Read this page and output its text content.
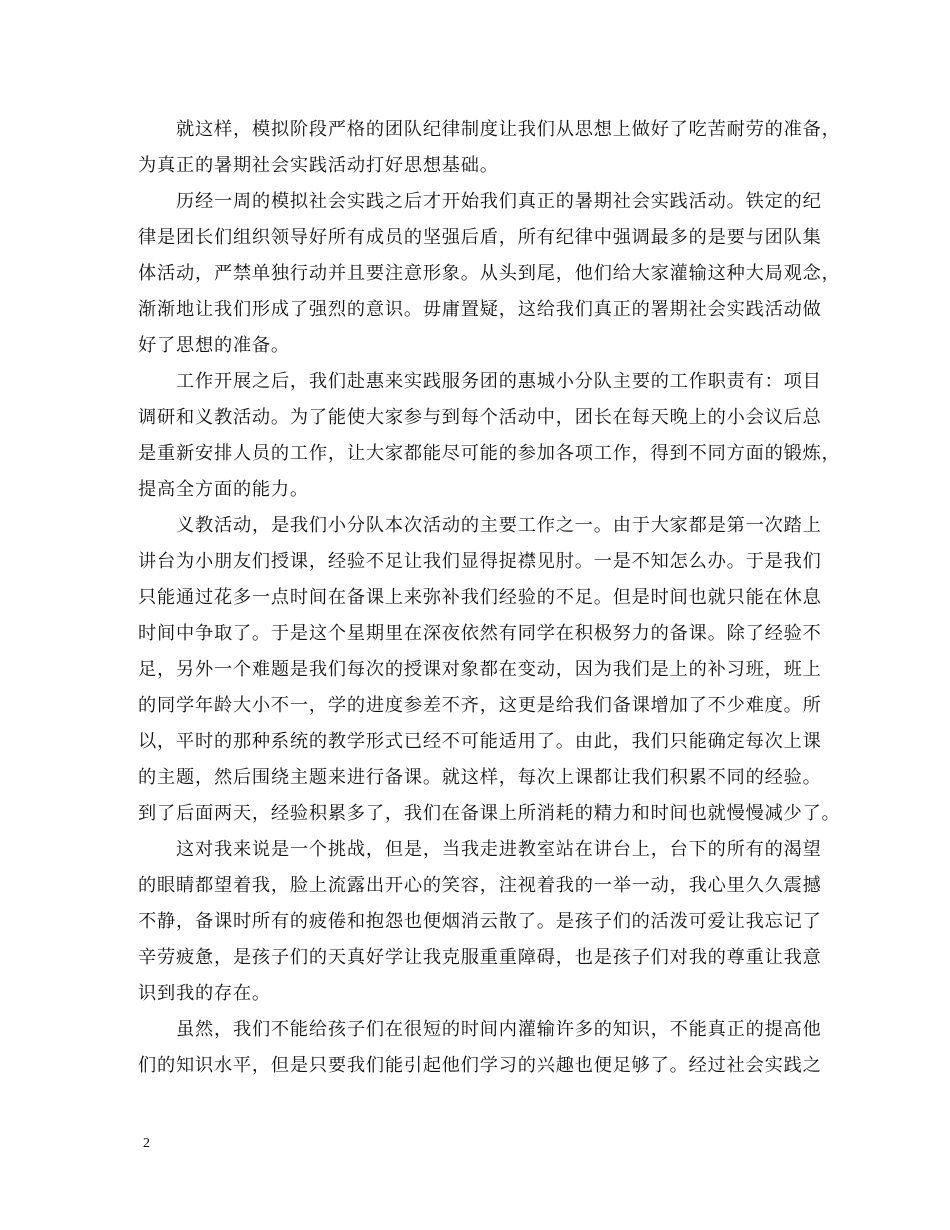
就这样，模拟阶段严格的团队纪律制度让我们从思想上做好了吃苦耐劳的准备，
为真正的暑期社会实践活动打好思想基础。

历经一周的模拟社会实践之后才开始我们真正的暑期社会实践活动。铁定的纪
律是团长们组织领导好所有成员的坚强后盾，所有纪律中强调最多的是要与团队集
体活动，严禁单独行动并且要注意形象。从头到尾，他们给大家灌输这种大局观念，
渐渐地让我们形成了强烈的意识。毋庸置疑，这给我们真正的署期社会实践活动做
好了思想的准备。

工作开展之后，我们赴惠来实践服务团的惠城小分队主要的工作职责有：项目
调研和义教活动。为了能使大家参与到每个活动中，团长在每天晚上的小会议后总
是重新安排人员的工作，让大家都能尽可能的参加各项工作，得到不同方面的锻炼，
提高全方面的能力。

义教活动，是我们小分队本次活动的主要工作之一。由于大家都是第一次踏上
讲台为小朋友们授课，经验不足让我们显得捉襟见肘。一是不知怎么办。于是我们
只能通过花多一点时间在备课上来弥补我们经验的不足。但是时间也就只能在休息
时间中争取了。于是这个星期里在深夜依然有同学在积极努力的备课。除了经验不
足，另外一个难题是我们每次的授课对象都在变动，因为我们是上的补习班，班上
的同学年龄大小不一，学的进度参差不齐，这更是给我们备课增加了不少难度。所
以，平时的那种系统的教学形式已经不可能适用了。由此，我们只能确定每次上课
的主题，然后围绕主题来进行备课。就这样，每次上课都让我们积累不同的经验。
到了后面两天，经验积累多了，我们在备课上所消耗的精力和时间也就慢慢减少了。

这对我来说是一个挑战，但是，当我走进教室站在讲台上，台下的所有的渴望
的眼睛都望着我，脸上流露出开心的笑容，注视着我的一举一动，我心里久久震撼
不静，备课时所有的疲倦和抱怨也便烟消云散了。是孩子们的活泼可爱让我忘记了
辛劳疲惫，是孩子们的天真好学让我克服重重障碍，也是孩子们对我的尊重让我意
识到我的存在。

虽然，我们不能给孩子们在很短的时间内灌输许多的知识，不能真正的提高他
们的知识水平，但是只要我们能引起他们学习的兴趣也便足够了。经过社会实践之

2
